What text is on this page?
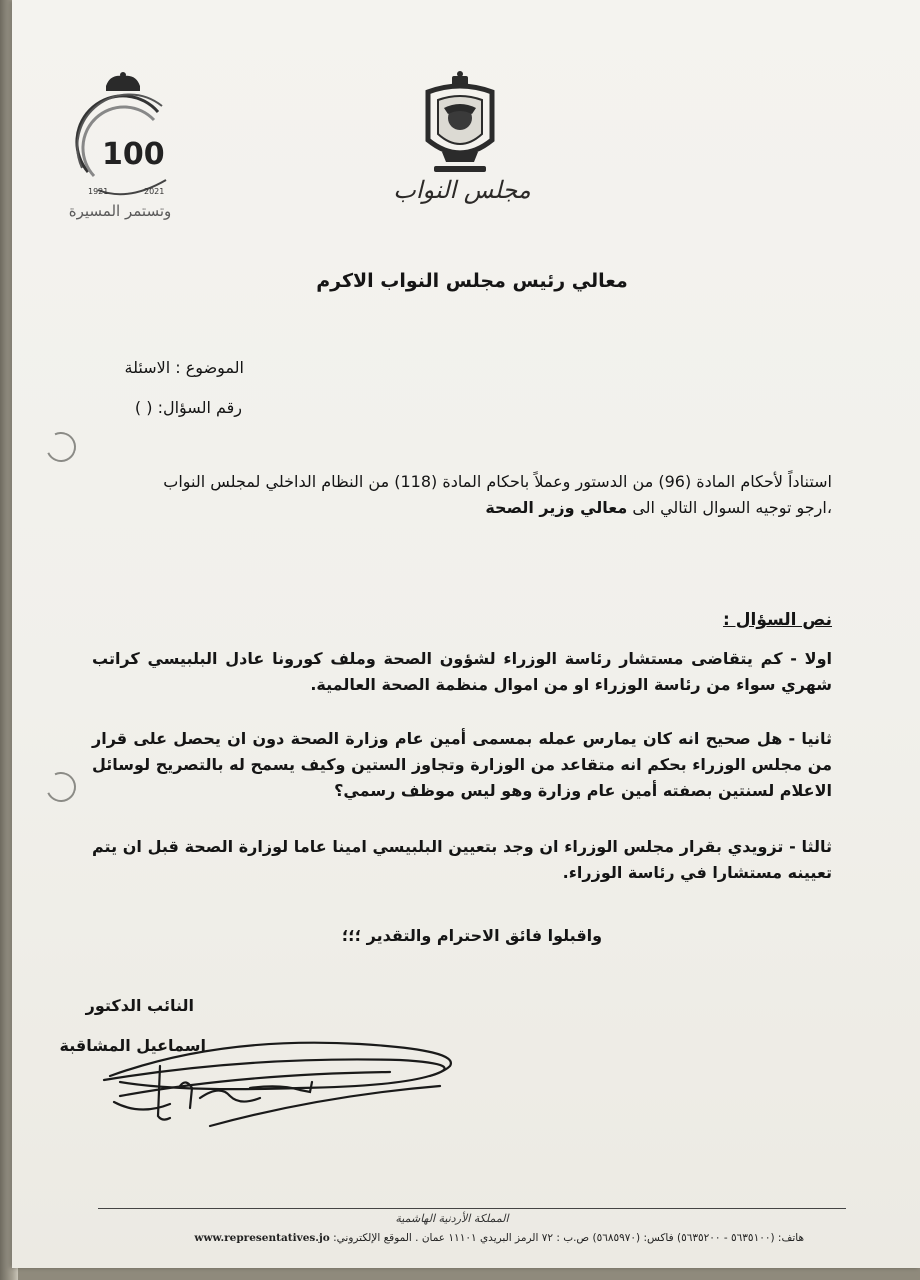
100
1921	2021
وتستمر المسيرة
مجلس النواب
معالي رئيس مجلس النواب الاكرم
الموضوع : الاسئلة
رقم السؤال: ( )
استناداً لأحكام المادة (96) من الدستور وعملاً باحكام المادة (118) من النظام الداخلي لمجلس النواب
،ارجو توجيه السوال التالي الى معالي وزير الصحة
نص السؤال :
اولا - كم يتقاضى مستشار رئاسة الوزراء لشؤون الصحة وملف كورونا عادل البلبيسي كراتب شهري سواء من رئاسة الوزراء او من اموال منظمة الصحة العالمية.
ثانيا - هل صحيح انه كان يمارس عمله بمسمى أمين عام وزارة الصحة دون ان يحصل على قرار من مجلس الوزراء بحكم انه متقاعد من الوزارة وتجاوز الستين وكيف يسمح له بالتصريح لوسائل الاعلام لسنتين بصفته أمين عام وزارة وهو ليس موظف رسمي؟
ثالثا - تزويدي بقرار مجلس الوزراء ان وجد بتعيين البلبيسي امينا عاما لوزارة الصحة قبل ان يتم تعيينه مستشارا في رئاسة الوزراء.
واقبلوا فائق الاحترام والتقدير ؛؛؛
النائب الدكتور
اسماعيل المشاقبة
المملكة الأردنية الهاشمية
هاتف: (٥٦٣٥١٠٠ - ٥٦٣٥٢٠٠) فاكس: (٥٦٨٥٩٧٠) ص.ب : ٧٢ الرمز البريدي ١١١٠١ عمان . الموقع الإلكتروني: www.representatives.jo
